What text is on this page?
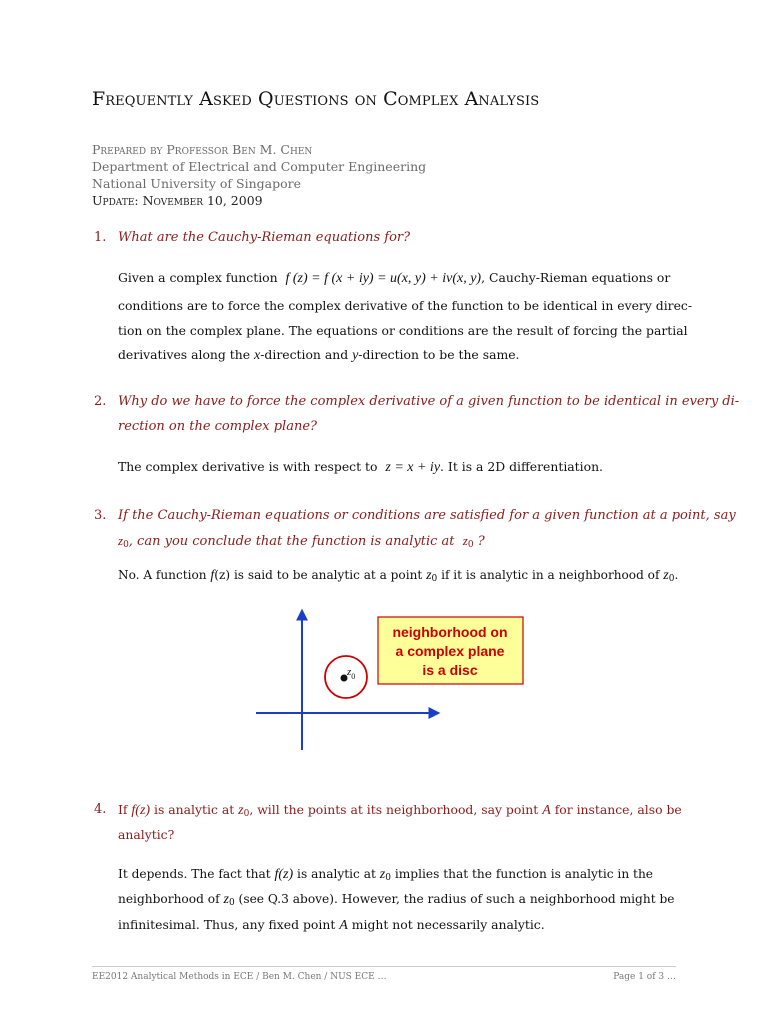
Frequently Asked Questions on Complex Analysis
Prepared by Professor Ben M. Chen
Department of Electrical and Computer Engineering
National University of Singapore
Update: November 10, 2009
1. What are the Cauchy-Rieman equations for?
Given a complex function f (z) = f (x + iy) = u(x, y) + iv(x, y), Cauchy-Rieman equations or
conditions are to force the complex derivative of the function to be identical in every direc-
tion on the complex plane. The equations or conditions are the result of forcing the partial
derivatives along the x-direction and y-direction to be the same.
2. Why do we have to force the complex derivative of a given function to be identical in every di-
rection on the complex plane?
The complex derivative is with respect to z = x + iy. It is a 2D differentiation.
3. If the Cauchy-Rieman equations or conditions are satisfied for a given function at a point, say
$z_0$, can you conclude that the function is analytic at $z_0$ ?
No. A function f(z) is said to be analytic at a point $z_0$ if it is analytic in a neighborhood of $z_0$.
$z_0$
neighborhood on
a complex plane
is a disc
4. If f(z) is analytic at $z_0$, will the points at its neighborhood, say point A for instance, also be
analytic?
It depends. The fact that f(z) is analytic at $z_0$ implies that the function is analytic in the
neighborhood of $z_0$ (see Q.3 above). However, the radius of such a neighborhood might be
infinitesimal. Thus, any fixed point A might not necessarily analytic.
EE2012 Analytical Methods in ECE / Ben M. Chen / NUS ECE …	Page 1 of 3 …
